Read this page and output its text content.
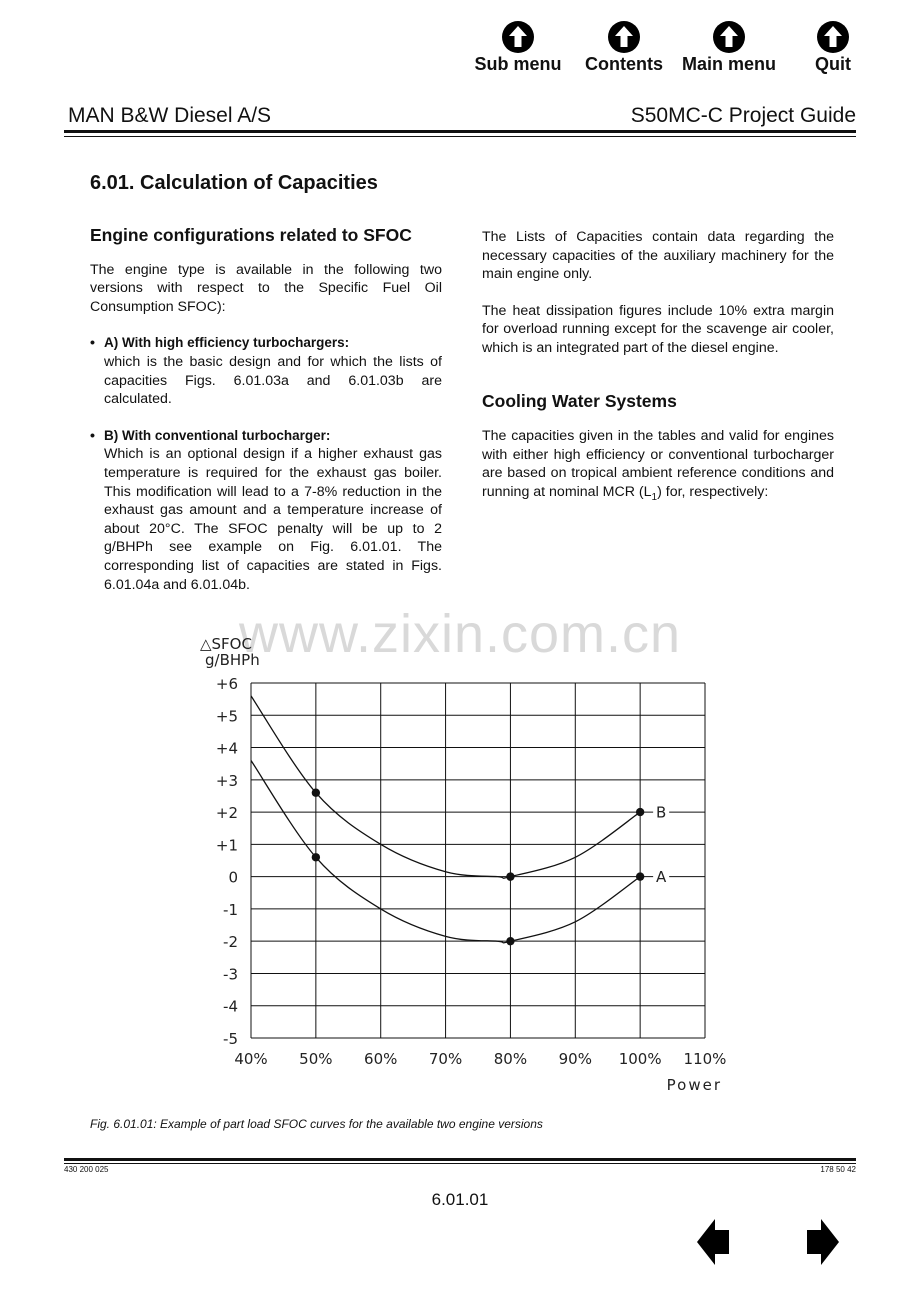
Sub menu Contents Main menu	Quit
MAN B&W Diesel A/S	S50MC-C Project Guide
6.01. Calculation of Capacities

Engine configurations related to SFOC

The engine type is available in the following two versions with respect to the Specific Fuel Oil Consumption SFOC):

• A) With high efficiency turbochargers:

which is the basic design and for which the lists of capacities Figs. 6.01.03a and 6.01.03b are calculated.

• B) With conventional turbocharger:

Which is an optional design if a higher exhaust gas temperature is required for the exhaust gas boiler. This modification will lead to a 7-8% reduction in the exhaust gas amount and a temperature increase of about 20°C. The SFOC penalty will be up to 2 g/BHPh see example on Fig. 6.01.01. The corresponding list of capacities are stated in Figs. 6.01.04a and 6.01.04b.

The Lists of Capacities contain data regarding the necessary capacities of the auxiliary machinery for the main engine only.

The heat dissipation figures include 10% extra margin for overload running except for the scavenge air cooler, which is an integrated part of the diesel engine.

Cooling Water Systems

The capacities given in the tables and valid for engines with either high efficiency or conventional turbocharger are based on tropical ambient reference conditions and running at nominal MCR $(L_1)$ for, respectively:

www.zixin.com.cn
△SFOC
g/BHPh
B
A
40% 50% 60% 70% 80% 90% 100% 110%
+6
+5
+4
+3
+2
+1
0
-1
-2
-3
-4
-5
Power
Fig. 6.01.01: Example of part load SFOC curves for the available two engine versions
430 200 025	178 50 42
6.01.01
